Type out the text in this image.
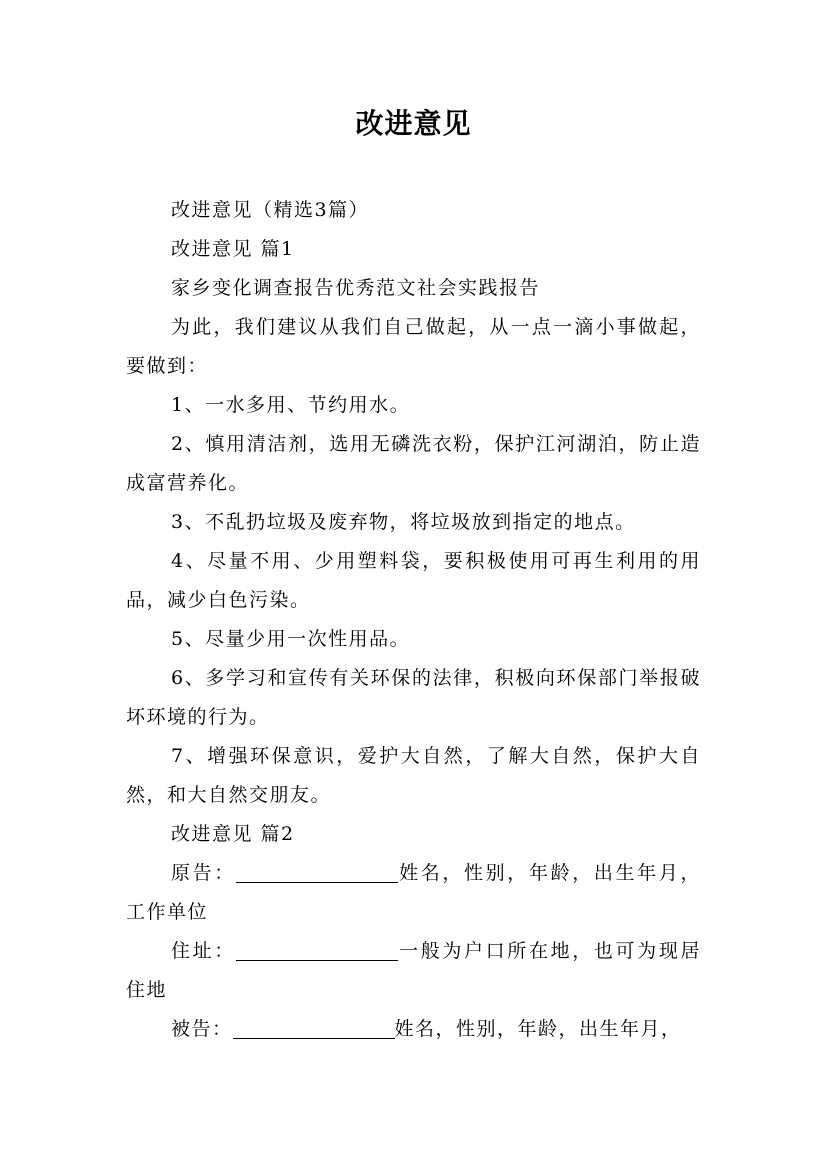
改进意见

改进意见（精选3篇）

改进意见 篇1

家乡变化调查报告优秀范文社会实践报告

为此，我们建议从我们自己做起，从一点一滴小事做起，要做到：

1、一水多用、节约用水。

2、慎用清洁剂，选用无磷洗衣粉，保护江河湖泊，防止造成富营养化。

3、不乱扔垃圾及废弃物，将垃圾放到指定的地点。

4、尽量不用、少用塑料袋，要积极使用可再生利用的用品，减少白色污染。

5、尽量少用一次性用品。

6、多学习和宣传有关环保的法律，积极向环保部门举报破坏环境的行为。

7、增强环保意识，爱护大自然，了解大自然，保护大自然，和大自然交朋友。

改进意见 篇2

原告：	姓名，性别，年龄，出生年月，工作单位

住址：	一般为户口所在地，也可为现居住地

被告：	姓名，性别，年龄，出生年月，
